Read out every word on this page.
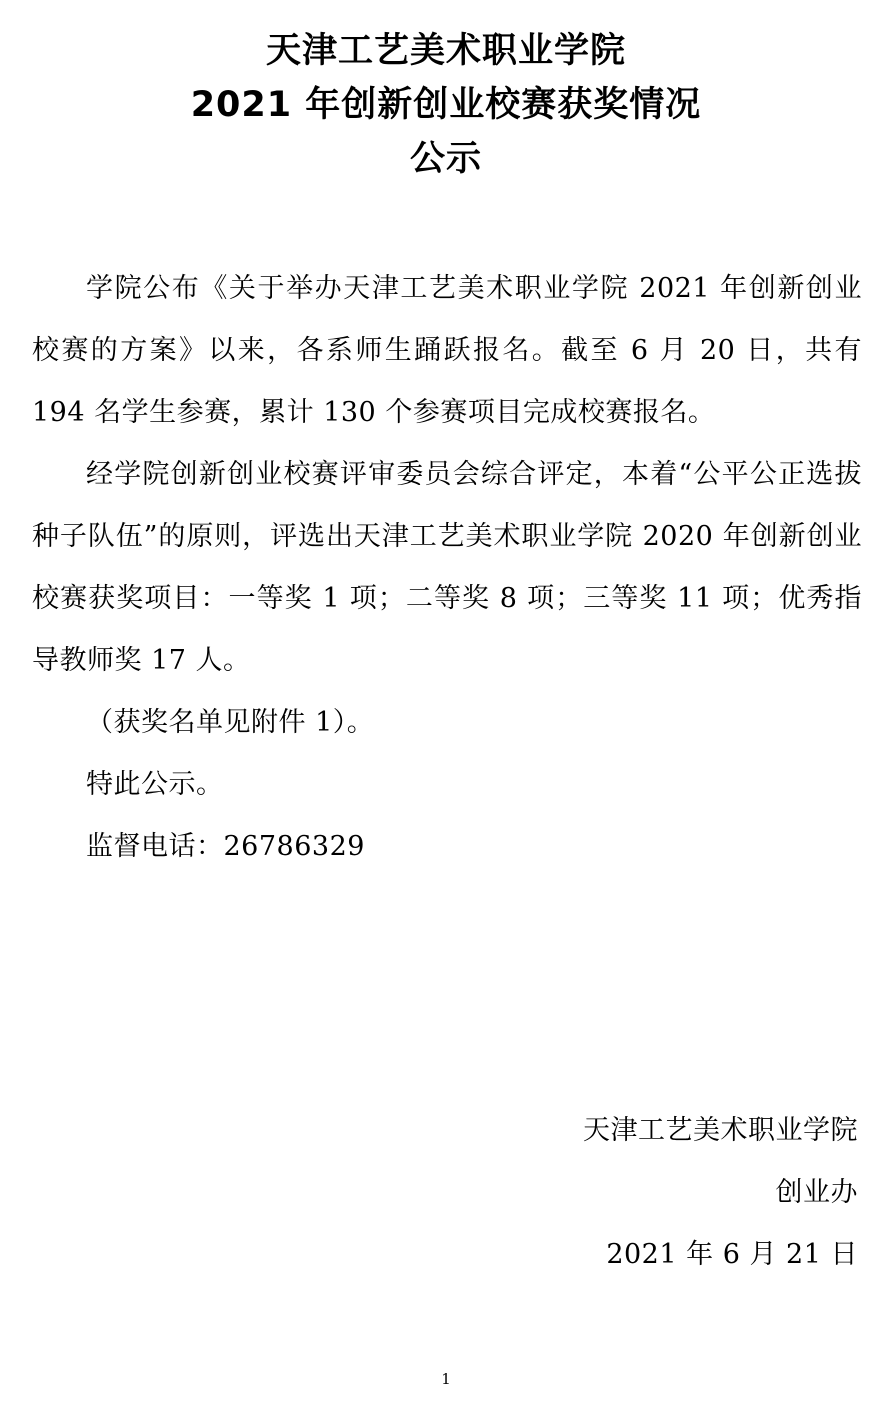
天津工艺美术职业学院
2021 年创新创业校赛获奖情况
公示

学院公布《关于举办天津工艺美术职业学院 2021 年创新创业校赛的方案》以来，各系师生踊跃报名。截至 6 月 20 日，共有 194 名学生参赛，累计 130 个参赛项目完成校赛报名。

经学院创新创业校赛评审委员会综合评定，本着“公平公正选拔种子队伍”的原则，评选出天津工艺美术职业学院 2020 年创新创业校赛获奖项目：一等奖 1 项；二等奖 8 项；三等奖 11 项；优秀指导教师奖 17 人。

（获奖名单见附件 1）。

特此公示。

监督电话：26786329

天津工艺美术职业学院
创业办
2021 年 6 月 21 日
1
